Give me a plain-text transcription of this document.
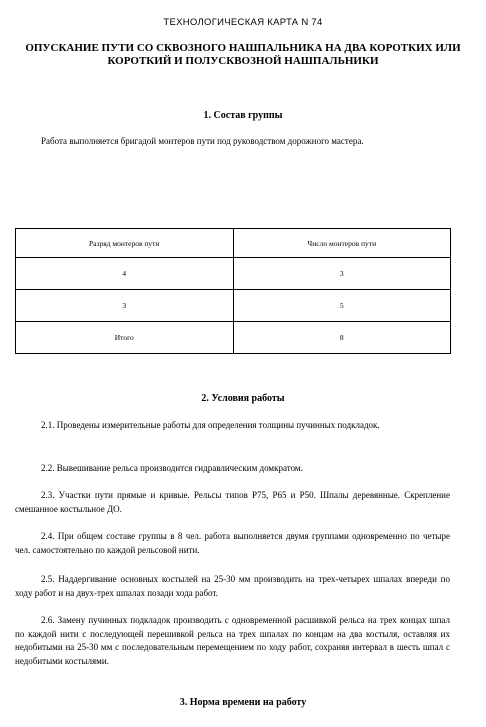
ТЕХНОЛОГИЧЕСКАЯ КАРТА N 74
ОПУСКАНИЕ ПУТИ СО СКВОЗНОГО НАШПАЛЬНИКА НА ДВА КОРОТКИХ ИЛИ КОРОТКИЙ И ПОЛУСКВОЗНОЙ НАШПАЛЬНИКИ
1. Состав группы

Работа выполняется бригадой монтеров пути под руководством дорожного мастера.

Разряд монтеров пути	Число монтеров пути
4	3
3	5
Итого	8
2. Условия работы

2.1. Проведены измерительные работы для определения толщины пучинных подкладок.

2.2. Вывешивание рельса производится гидравлическим домкратом.

2.3. Участки пути прямые и кривые. Рельсы типов Р75, Р65 и Р50. Шпалы деревянные. Скрепление смешанное костыльное ДО.

2.4. При общем составе группы в 8 чел. работа выполняется двумя группами одновременно по четыре чел. самостоятельно по каждой рельсовой нити.

2.5. Наддергивание основных костылей на 25-30 мм производить на трех-четырех шпалах впереди по ходу работ и на двух-трех шпалах позади хода работ.

2.6. Замену пучинных подкладок производить с одновременной расшивкой рельса на трех концах шпал по каждой нити с последующей перешивкой рельса на трех шпалах по концам на два костыля, оставляя их недобитыми на 25-30 мм с последовательным перемещением по ходу работ, сохраняя интервал в шесть шпал с недобитыми костылями.

3. Норма времени на работу
